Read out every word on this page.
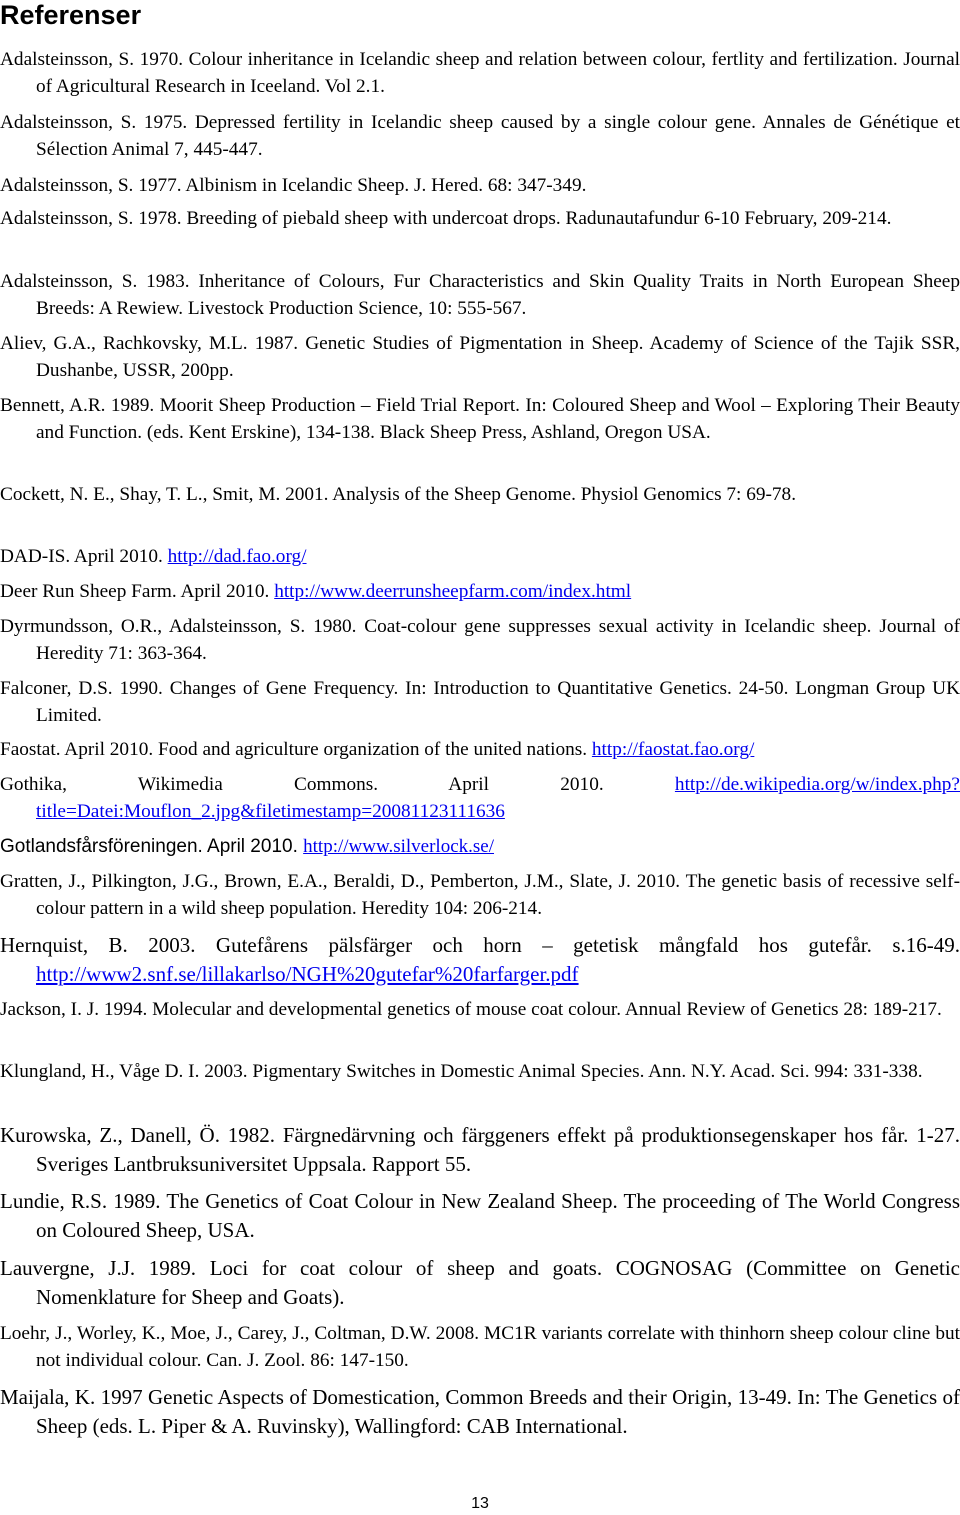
Referenser

Adalsteinsson, S. 1970. Colour inheritance in Icelandic sheep and relation between colour, fertlity and fertilization. Journal of Agricultural Research in Iceeland. Vol 2.1.

Adalsteinsson, S. 1975. Depressed fertility in Icelandic sheep caused by a single colour gene. Annales de Génétique et Sélection Animal 7, 445-447.

Adalsteinsson, S. 1977. Albinism in Icelandic Sheep. J. Hered. 68: 347-349.

Adalsteinsson, S. 1978. Breeding of piebald sheep with undercoat drops. Radunautafundur 6-10 February, 209-214.

Adalsteinsson, S. 1983. Inheritance of Colours, Fur Characteristics and Skin Quality Traits in North European Sheep Breeds: A Rewiew. Livestock Production Science, 10: 555-567.

Aliev, G.A., Rachkovsky, M.L. 1987. Genetic Studies of Pigmentation in Sheep. Academy of Science of the Tajik SSR, Dushanbe, USSR, 200pp.

Bennett, A.R. 1989. Moorit Sheep Production – Field Trial Report. In: Coloured Sheep and Wool – Exploring Their Beauty and Function. (eds. Kent Erskine), 134-138. Black Sheep Press, Ashland, Oregon USA.

Cockett, N. E., Shay, T. L., Smit, M. 2001. Analysis of the Sheep Genome. Physiol Genomics 7: 69-78.

DAD-IS. April 2010. http://dad.fao.org/

Deer Run Sheep Farm. April 2010. http://www.deerrunsheepfarm.com/index.html

Dyrmundsson, O.R., Adalsteinsson, S. 1980. Coat-colour gene suppresses sexual activity in Icelandic sheep. Journal of Heredity 71: 363-364.

Falconer, D.S. 1990. Changes of Gene Frequency. In: Introduction to Quantitative Genetics. 24-50. Longman Group UK Limited.

Faostat. April 2010. Food and agriculture organization of the united nations. http://faostat.fao.org/

Gothika, Wikimedia Commons. April 2010. http://de.wikipedia.org/w/index.php?title=Datei:Mouflon_2.jpg&filetimestamp=20081123111636

Gotlandsfårsföreningen. April 2010. http://www.silverlock.se/

Gratten, J., Pilkington, J.G., Brown, E.A., Beraldi, D., Pemberton, J.M., Slate, J. 2010. The genetic basis of recessive self-colour pattern in a wild sheep population. Heredity 104: 206-214.

Hernquist, B. 2003. Gutefårens pälsfärger och horn – getetisk mångfald hos gutefår. s.16-49. http://www2.snf.se/lillakarlso/NGH%20gutefar%20farfarger.pdf

Jackson, I. J. 1994. Molecular and developmental genetics of mouse coat colour. Annual Review of Genetics 28: 189-217.

Klungland, H., Våge D. I. 2003. Pigmentary Switches in Domestic Animal Species. Ann. N.Y. Acad. Sci. 994: 331-338.

Kurowska, Z., Danell, Ö. 1982. Färgnedärvning och färggeners effekt på produktionsegenskaper hos får. 1-27. Sveriges Lantbruksuniversitet Uppsala. Rapport 55.

Lundie, R.S. 1989. The Genetics of Coat Colour in New Zealand Sheep. The proceeding of The World Congress on Coloured Sheep, USA.

Lauvergne, J.J. 1989. Loci for coat colour of sheep and goats. COGNOSAG (Committee on Genetic Nomenklature for Sheep and Goats).

Loehr, J., Worley, K., Moe, J., Carey, J., Coltman, D.W. 2008. MC1R variants correlate with thinhorn sheep colour cline but not individual colour. Can. J. Zool. 86: 147-150.

Maijala, K. 1997 Genetic Aspects of Domestication, Common Breeds and their Origin, 13-49. In: The Genetics of Sheep (eds. L. Piper & A. Ruvinsky), Wallingford: CAB International.

13
